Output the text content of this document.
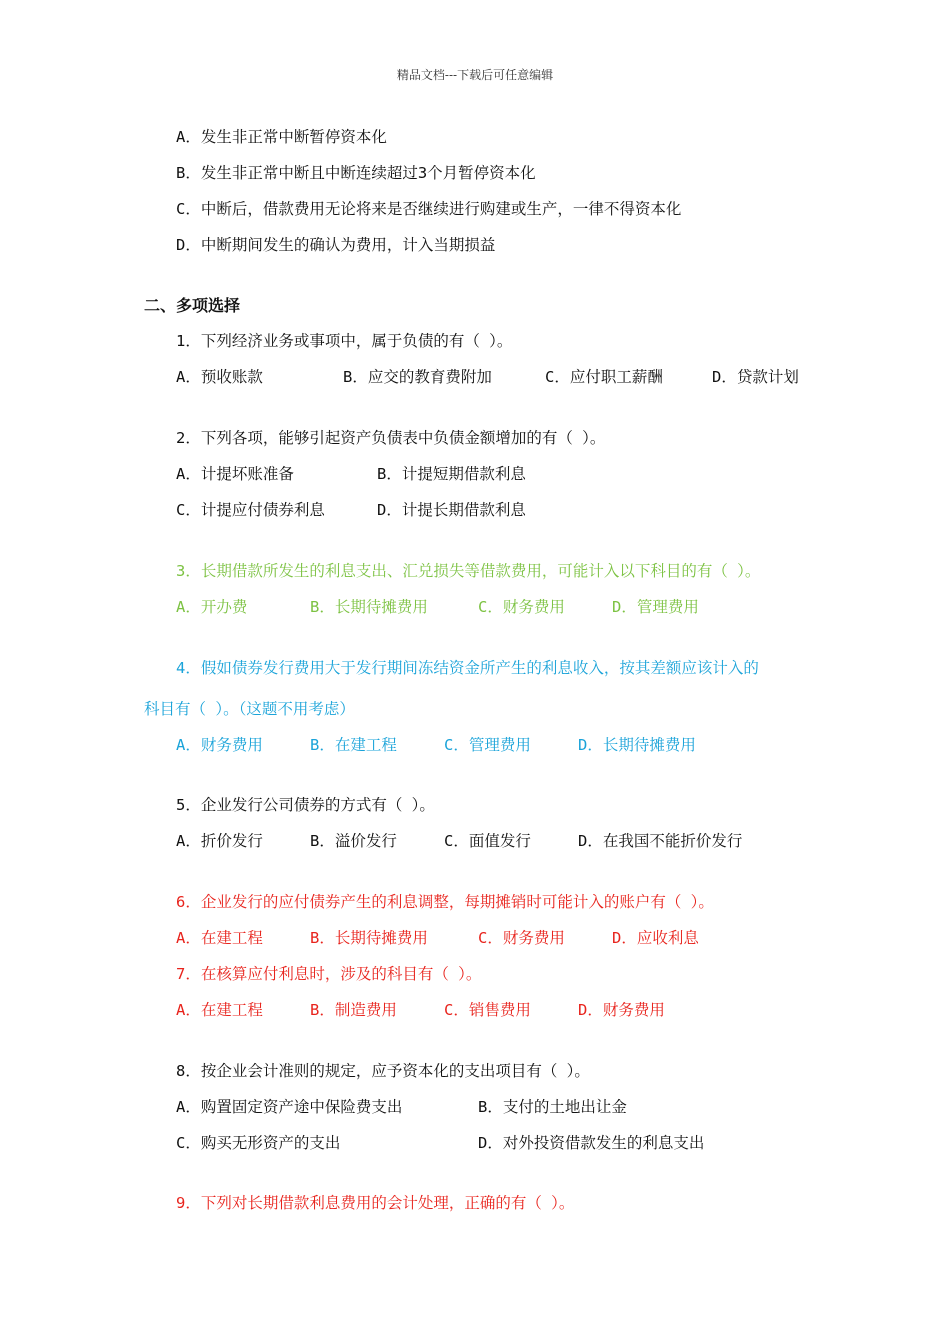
精品文档---下载后可任意编辑
A．发生非正常中断暂停资本化
B．发生非正常中断且中断连续超过3个月暂停资本化
C．中断后，借款费用无论将来是否继续进行购建或生产，一律不得资本化
D．中断期间发生的确认为费用，计入当期损益
二、多项选择
1．下列经济业务或事项中，属于负债的有（ ）。
A．预收账款	B．应交的教育费附加	C．应付职工薪酬	D．贷款计划
2．下列各项，能够引起资产负债表中负债金额增加的有（ ）。
A．计提坏账准备	B．计提短期借款利息
C．计提应付债券利息	D．计提长期借款利息
3．长期借款所发生的利息支出、汇兑损失等借款费用，可能计入以下科目的有（ ）。
A．开办费	B．长期待摊费用	C．财务费用	D．管理费用
4．假如债券发行费用大于发行期间冻结资金所产生的利息收入，按其差额应该计入的
科目有（ ）。（这题不用考虑）
A．财务费用	B．在建工程	C．管理费用	D．长期待摊费用
5．企业发行公司债券的方式有（ ）。
A．折价发行	B．溢价发行	C．面值发行	D．在我国不能折价发行
6．企业发行的应付债券产生的利息调整，每期摊销时可能计入的账户有（ ）。
A．在建工程	B．长期待摊费用	C．财务费用	D．应收利息
7．在核算应付利息时，涉及的科目有（ ）。
A．在建工程	B．制造费用	C．销售费用	D．财务费用
8．按企业会计准则的规定，应予资本化的支出项目有（ ）。
A．购置固定资产途中保险费支出	B．支付的土地出让金
C．购买无形资产的支出	D．对外投资借款发生的利息支出
9．下列对长期借款利息费用的会计处理，正确的有（ ）。
